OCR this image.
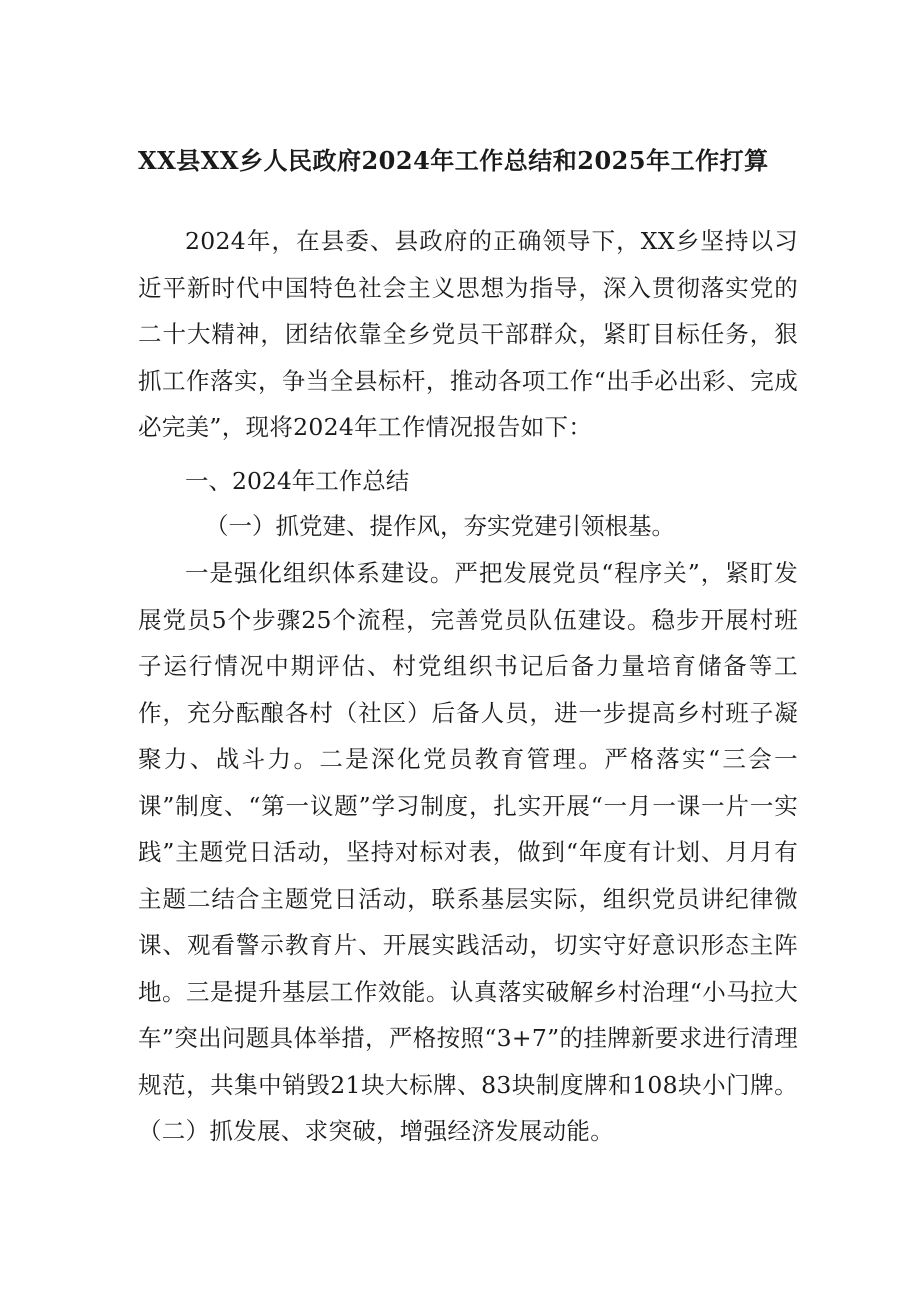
XX县XX乡人民政府2024年工作总结和2025年工作打算
2024年，在县委、县政府的正确领导下，XX乡坚持以习近平新时代中国特色社会主义思想为指导，深入贯彻落实党的二十大精神，团结依靠全乡党员干部群众，紧盯目标任务，狠抓工作落实，争当全县标杆，推动各项工作“出手必出彩、完成必完美”，现将2024年工作情况报告如下：
一、2024年工作总结
（一）抓党建、提作风，夯实党建引领根基。
一是强化组织体系建设。严把发展党员“程序关”，紧盯发展党员5个步骤25个流程，完善党员队伍建设。稳步开展村班子运行情况中期评估、村党组织书记后备力量培育储备等工作，充分酝酿各村（社区）后备人员，进一步提高乡村班子凝聚力、战斗力。二是深化党员教育管理。严格落实“三会一课”制度、“第一议题”学习制度，扎实开展“一月一课一片一实践”主题党日活动，坚持对标对表，做到“年度有计划、月月有主题二结合主题党日活动，联系基层实际，组织党员讲纪律微课、观看警示教育片、开展实践活动，切实守好意识形态主阵地。三是提升基层工作效能。认真落实破解乡村治理“小马拉大车”突出问题具体举措，严格按照“3+7”的挂牌新要求进行清理规范，共集中销毁21块大标牌、83块制度牌和108块小门牌。（二）抓发展、求突破，增强经济发展动能。
